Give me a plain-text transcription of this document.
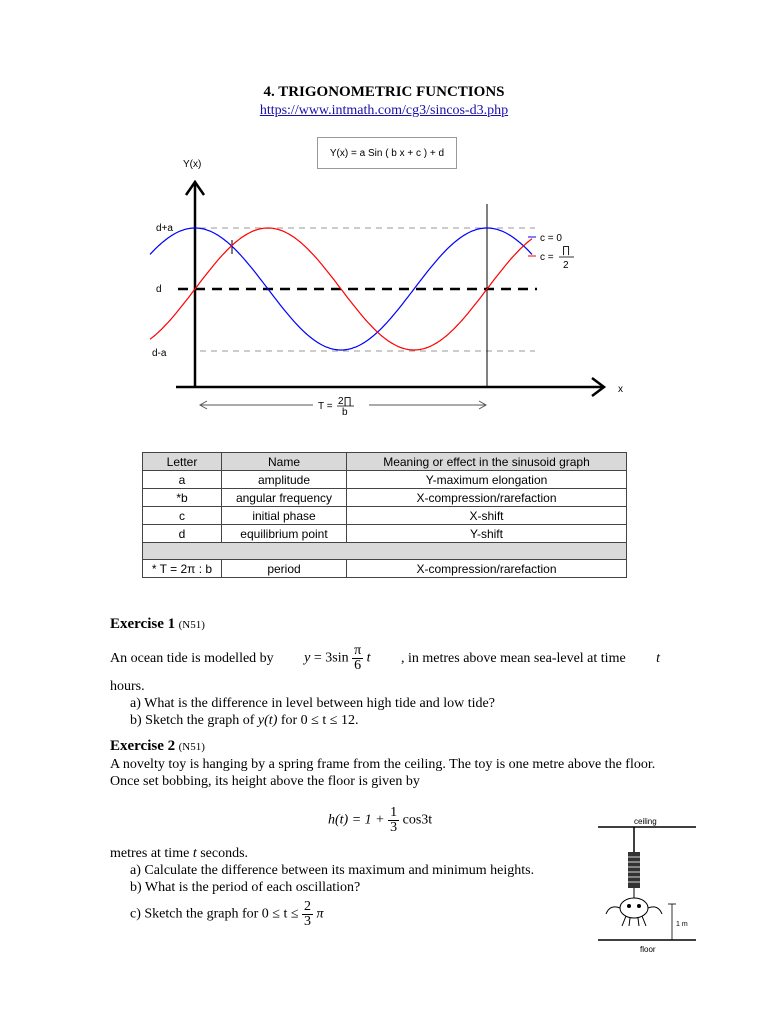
4. TRIGONOMETRIC FUNCTIONS
https://www.intmath.com/cg3/sincos-d3.php
Y(x) = a Sin ( b x + c ) + d
Y(x)
x
d+a
d
d-a
c = 0
c =
∏
2
T = 2∏
b
Letter	Name	Meaning or effect in the sinusoid graph
a	amplitude	Y-maximum elongation
*b	angular frequency	X-compression/rarefaction
c	initial phase	X-shift
d	equilibrium point	Y-shift

* T = 2π : b	period	X-compression/rarefaction
Exercise 1 (N51)
An ocean tide is modelled by $y = 3\sin \frac{\pi}{6}$ t , in metres above mean sea-level at time t
hours.
a) What is the difference in level between high tide and low tide?
b) Sketch the graph of y(t) for 0 ≤ t ≤ 12.
Exercise 2 (N51)
A novelty toy is hanging by a spring frame from the ceiling. The toy is one metre above the floor. Once set bobbing, its height above the floor is given by
$h(t) = 1 + \frac{1}{3} \cos 3t$
metres at time t seconds.
a) Calculate the difference between its maximum and minimum heights.
b) What is the period of each oscillation?
c) Sketch the graph for $0 \le t \le \frac{2}{3}$ π
ceiling
1 m
floor
